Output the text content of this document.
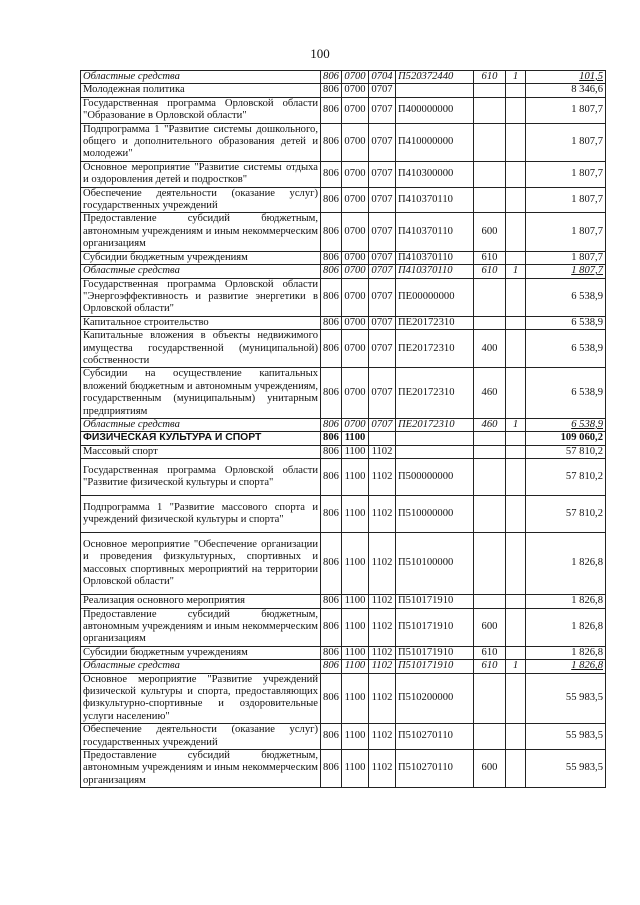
100
Областные средства	806	0700	0704	П520372440	610	1	101,5
Молодежная политика	806	0700	0707				8 346,6
Государственная программа Орловской области "Образование в Орловской области"	806	0700	0707	П400000000			1 807,7
Подпрограмма 1 "Развитие системы дошкольного, общего и дополнительного образования детей и молодежи"	806	0700	0707	П410000000			1 807,7
Основное мероприятие "Развитие системы отдыха и оздоровления детей и подростков"	806	0700	0707	П410300000			1 807,7
Обеспечение деятельности (оказание услуг) государственных учреждений	806	0700	0707	П410370110			1 807,7
Предоставление субсидий бюджетным, автономным учреждениям и иным некоммерческим организациям	806	0700	0707	П410370110	600		1 807,7
Субсидии бюджетным учреждениям	806	0700	0707	П410370110	610		1 807,7
Областные средства	806	0700	0707	П410370110	610	1	1 807,7
Государственная программа Орловской области "Энергоэффективность и развитие энергетики в Орловской области"	806	0700	0707	ПЕ00000000			6 538,9
Капитальное строительство	806	0700	0707	ПЕ20172310			6 538,9
Капитальные вложения в объекты недвижимого имущества государственной (муниципальной) собственности	806	0700	0707	ПЕ20172310	400		6 538,9
Субсидии на осуществление капитальных вложений бюджетным и автономным учреждениям, государственным (муниципальным) унитарным предприятиям	806	0700	0707	ПЕ20172310	460		6 538,9
Областные средства	806	0700	0707	ПЕ20172310	460	1	6 538,9
ФИЗИЧЕСКАЯ КУЛЬТУРА И СПОРТ	806	1100					109 060,2
Массовый спорт	806	1100	1102				57 810,2
Государственная программа Орловской области "Развитие физической культуры и спорта"	806	1100	1102	П500000000			57 810,2
Подпрограмма 1 "Развитие массового спорта и учреждений физической культуры и спорта"	806	1100	1102	П510000000			57 810,2
Основное мероприятие "Обеспечение организации и проведения физкультурных, спортивных и массовых спортивных мероприятий на территории Орловской области"	806	1100	1102	П510100000			1 826,8
Реализация основного мероприятия	806	1100	1102	П510171910			1 826,8
Предоставление субсидий бюджетным, автономным учреждениям и иным некоммерческим организациям	806	1100	1102	П510171910	600		1 826,8
Субсидии бюджетным учреждениям	806	1100	1102	П510171910	610		1 826,8
Областные средства	806	1100	1102	П510171910	610	1	1 826,8
Основное мероприятие "Развитие учреждений физической культуры и спорта, предоставляющих физкультурно-спортивные и оздоровительные услуги населению"	806	1100	1102	П510200000			55 983,5
Обеспечение деятельности (оказание услуг) государственных учреждений	806	1100	1102	П510270110			55 983,5
Предоставление субсидий бюджетным, автономным учреждениям и иным некоммерческим организациям	806	1100	1102	П510270110	600		55 983,5
